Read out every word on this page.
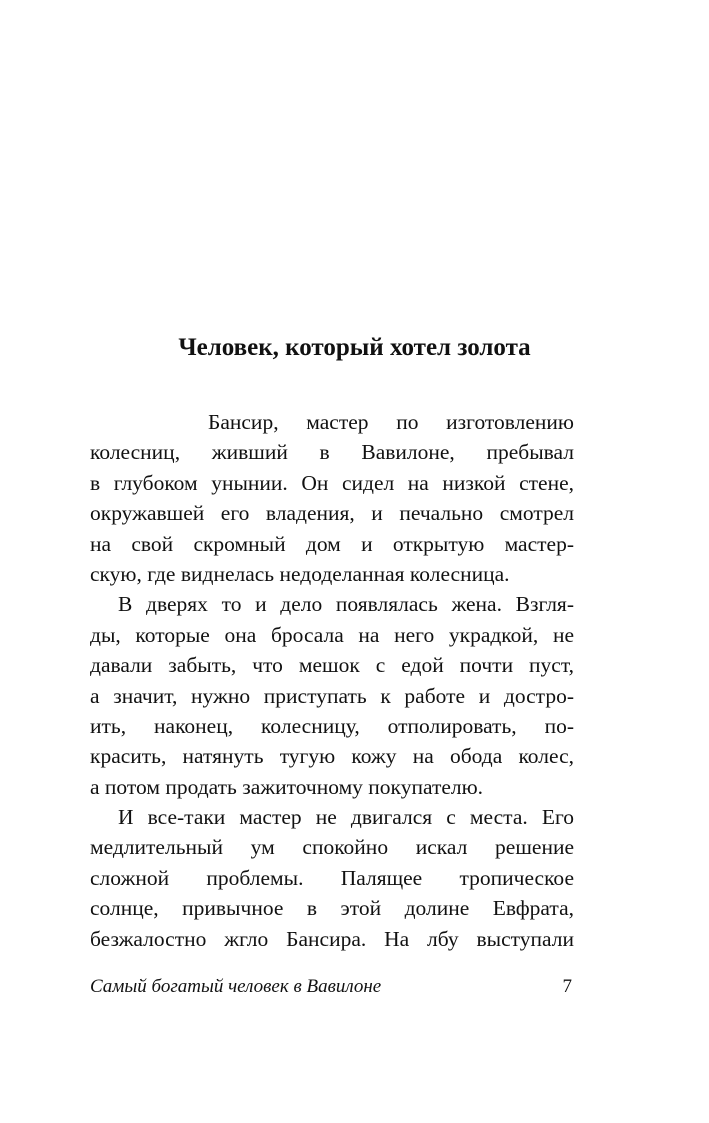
Человек, который хотел золота
Бансир, мастер по изготовлению
колесниц, живший в Вавилоне, пребывал
в глубоком унынии. Он сидел на низкой стене,
окружавшей его владения, и печально смотрел
на свой скромный дом и открытую мастер-
скую, где виднелась недоделанная колесница.
В дверях то и дело появлялась жена. Взгля-
ды, которые она бросала на него украдкой, не
давали забыть, что мешок с едой почти пуст,
а значит, нужно приступать к работе и достро-
ить, наконец, колесницу, отполировать, по-
красить, натянуть тугую кожу на обода колес,
а потом продать зажиточному покупателю.
И все-таки мастер не двигался с места. Его
медлительный ум спокойно искал решение
сложной проблемы. Палящее тропическое
солнце, привычное в этой долине Евфрата,
безжалостно жгло Бансира. На лбу выступали
Самый богатый человек в Вавилоне	7
